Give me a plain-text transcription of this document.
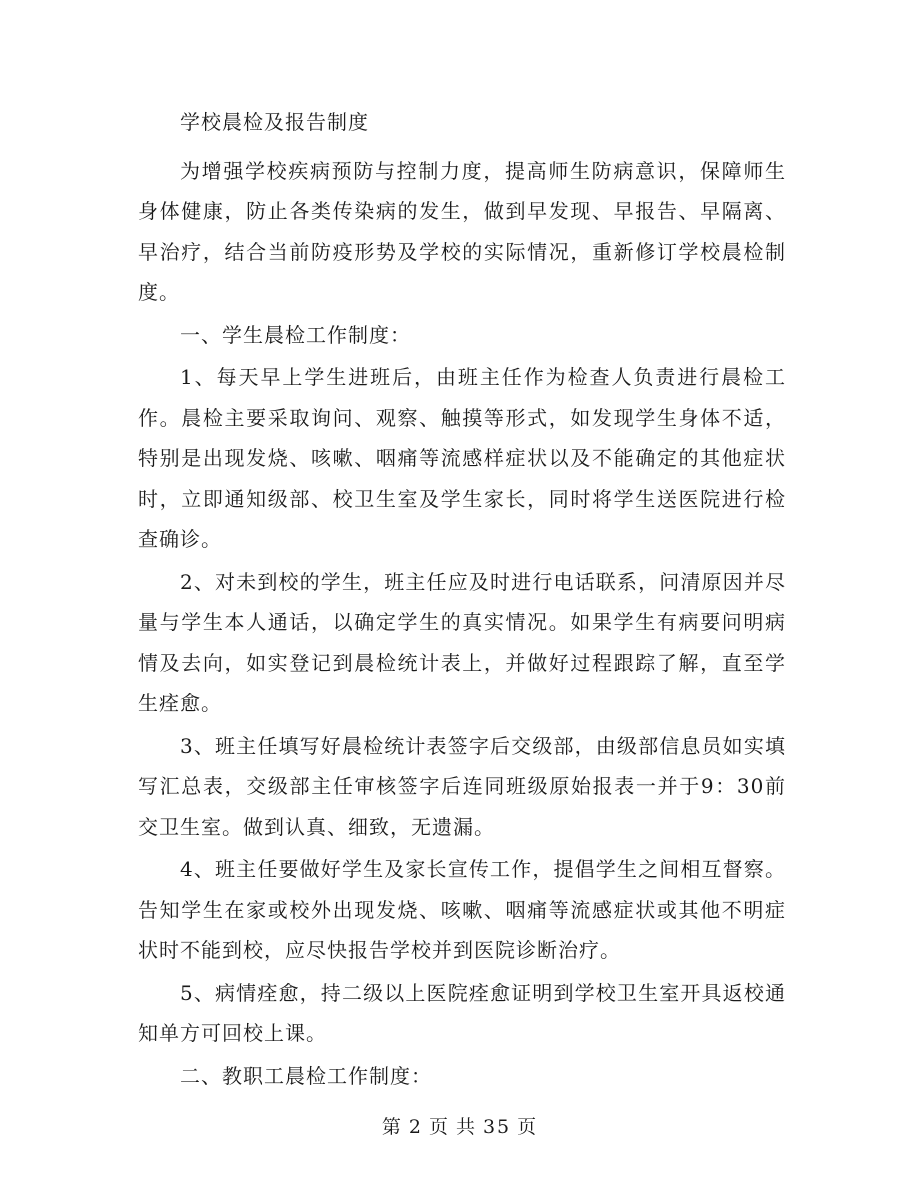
学校晨检及报告制度

为增强学校疾病预防与控制力度，提高师生防病意识，保障师生身体健康，防止各类传染病的发生，做到早发现、早报告、早隔离、早治疗，结合当前防疫形势及学校的实际情况，重新修订学校晨检制度。

一、学生晨检工作制度：

1、每天早上学生进班后，由班主任作为检查人负责进行晨检工作。晨检主要采取询问、观察、触摸等形式，如发现学生身体不适，特别是出现发烧、咳嗽、咽痛等流感样症状以及不能确定的其他症状时，立即通知级部、校卫生室及学生家长，同时将学生送医院进行检查确诊。

2、对未到校的学生，班主任应及时进行电话联系，问清原因并尽量与学生本人通话，以确定学生的真实情况。如果学生有病要问明病情及去向，如实登记到晨检统计表上，并做好过程跟踪了解，直至学生痊愈。

3、班主任填写好晨检统计表签字后交级部，由级部信息员如实填写汇总表，交级部主任审核签字后连同班级原始报表一并于9：30前交卫生室。做到认真、细致，无遗漏。

4、班主任要做好学生及家长宣传工作，提倡学生之间相互督察。告知学生在家或校外出现发烧、咳嗽、咽痛等流感症状或其他不明症状时不能到校，应尽快报告学校并到医院诊断治疗。

5、病情痊愈，持二级以上医院痊愈证明到学校卫生室开具返校通知单方可回校上课。

二、教职工晨检工作制度：

第 2 页 共 35 页
